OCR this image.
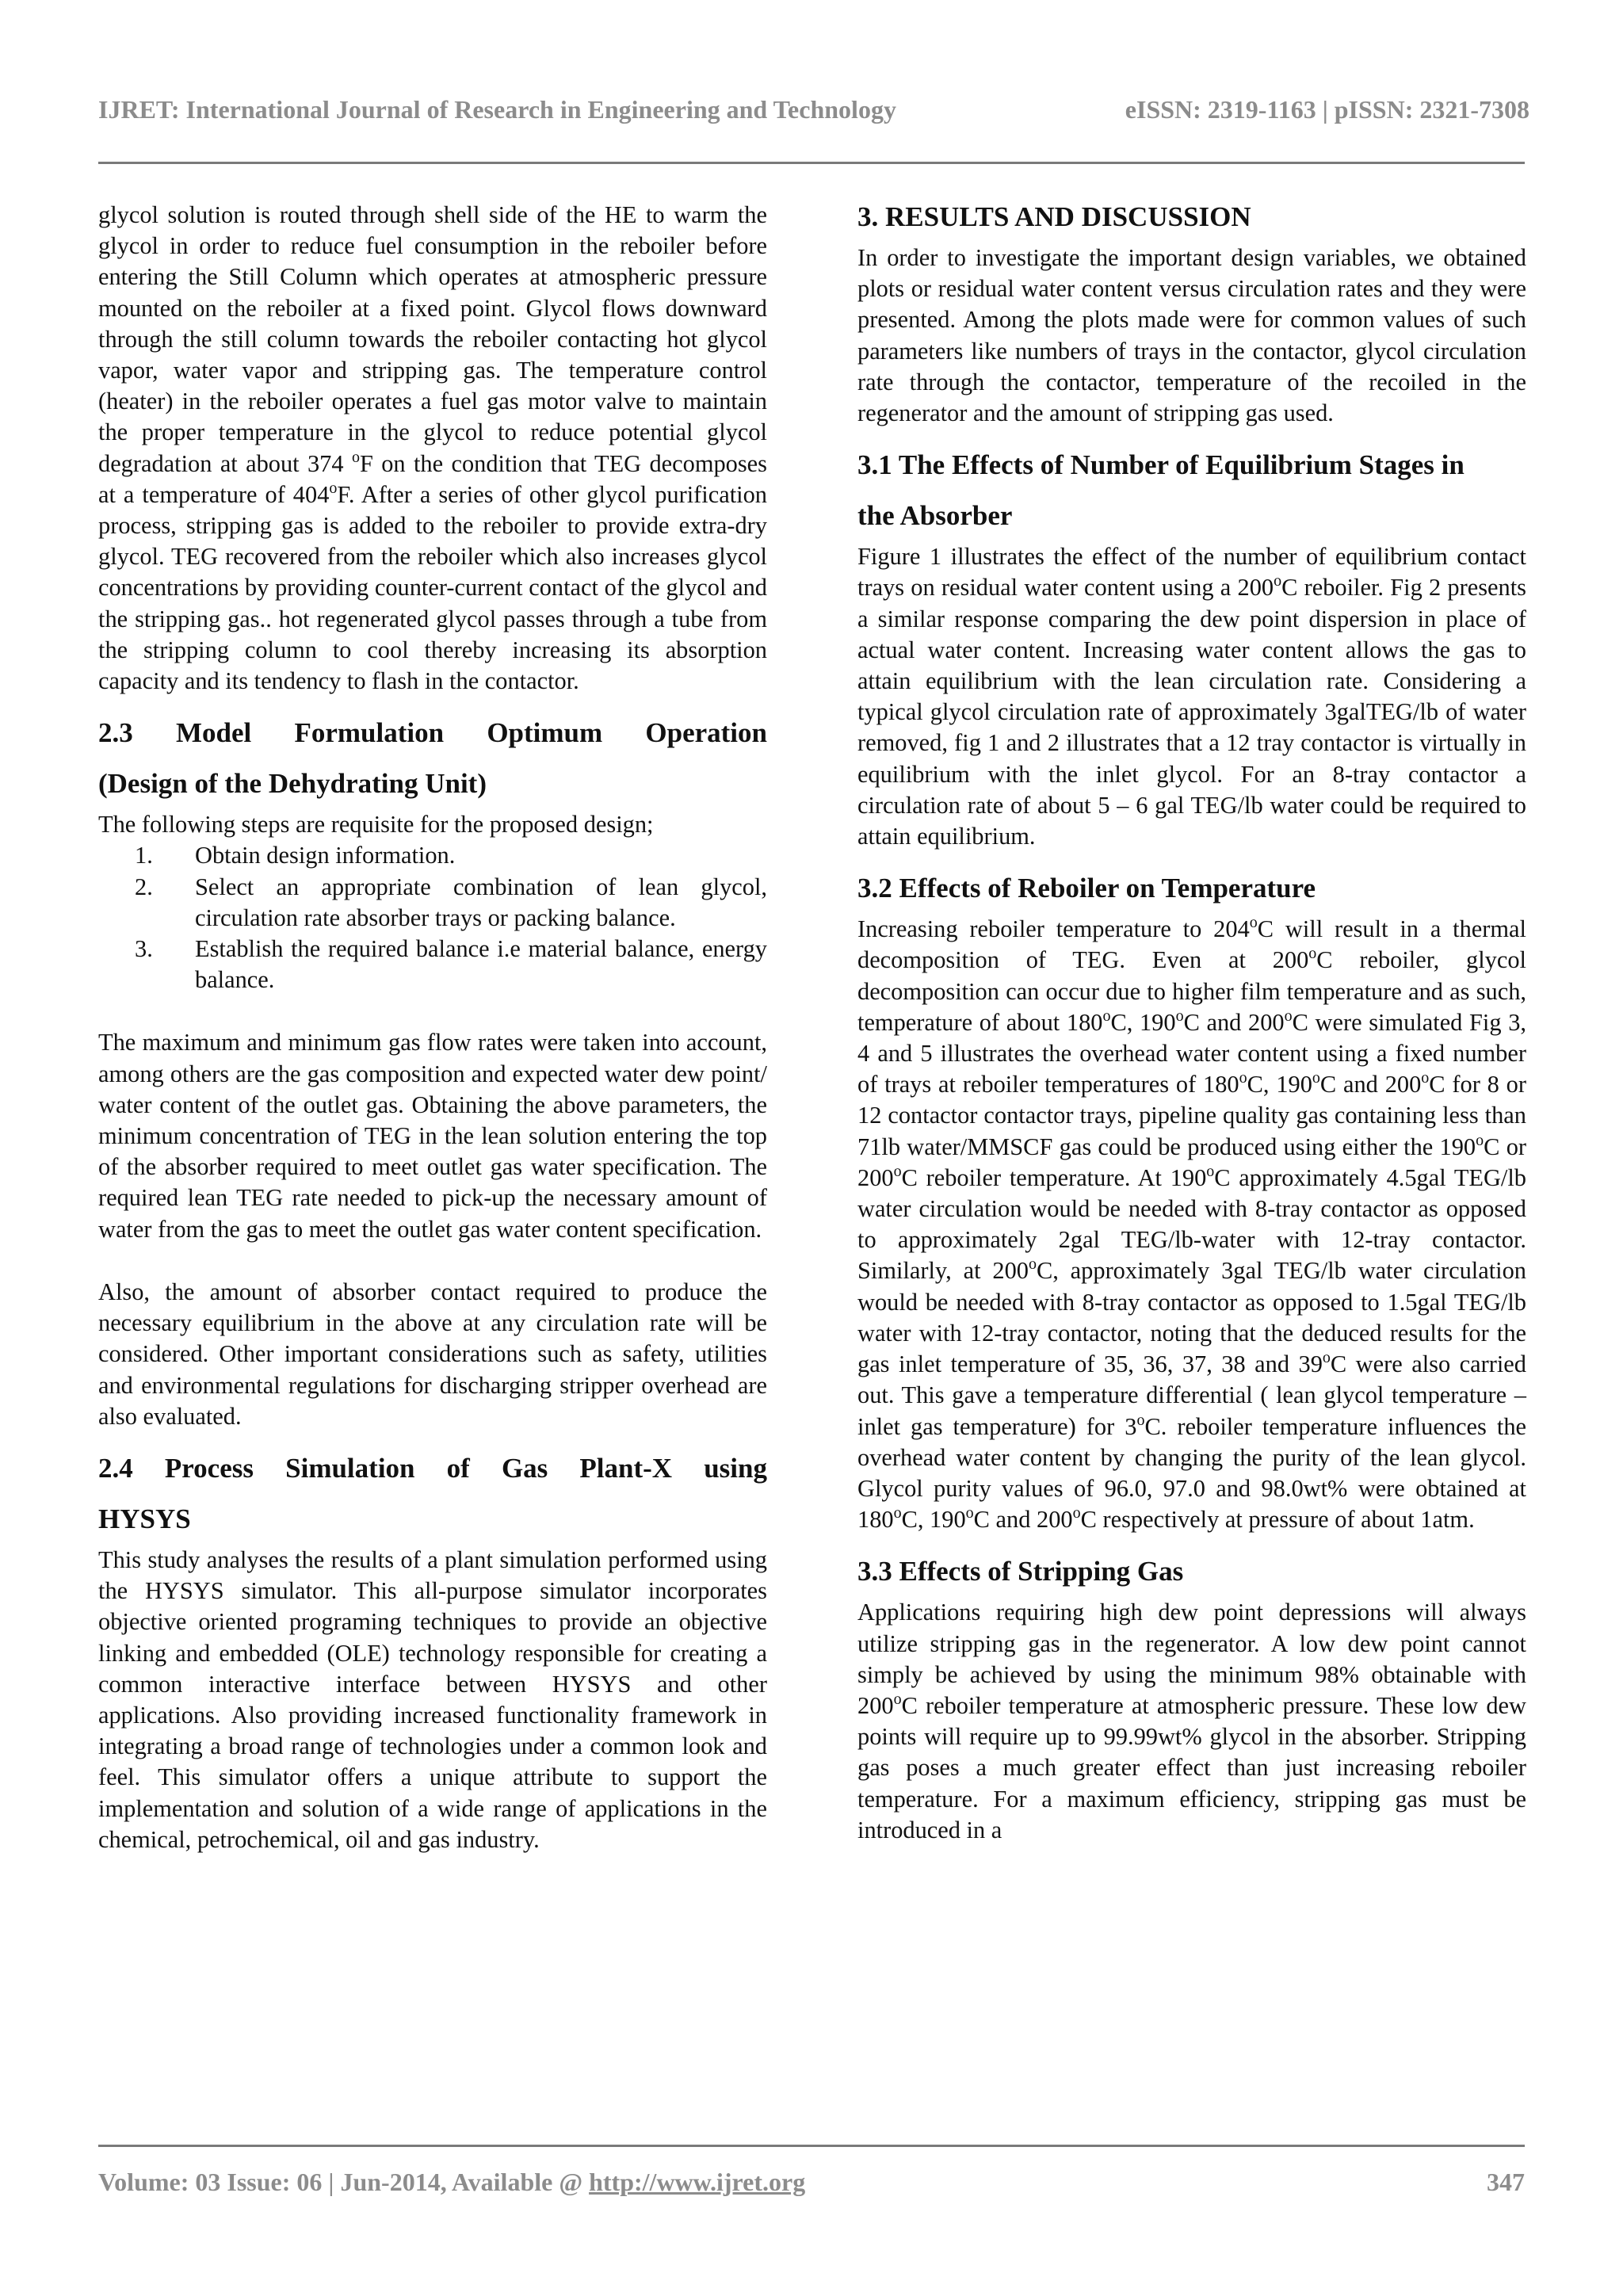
IJRET: International Journal of Research in Engineering and Technology	eISSN: 2319-1163 | pISSN: 2321-7308

glycol solution is routed through shell side of the HE to warm the glycol in order to reduce fuel consumption in the reboiler before entering the Still Column which operates at atmospheric pressure mounted on the reboiler at a fixed point. Glycol flows downward through the still column towards the reboiler contacting hot glycol vapor, water vapor and stripping gas. The temperature control (heater) in the reboiler operates a fuel gas motor valve to maintain the proper temperature in the glycol to reduce potential glycol degradation at about 374 $^o$F on the condition that TEG decomposes at a temperature of 404$^o$F. After a series of other glycol purification process, stripping gas is added to the reboiler to provide extra-dry glycol. TEG recovered from the reboiler which also increases glycol concentrations by providing counter-current contact of the glycol and the stripping gas.. hot regenerated glycol passes through a tube from the stripping column to cool thereby increasing its absorption capacity and its tendency to flash in the contactor.

2.3 Model Formulation Optimum Operation
(Design of the Dehydrating Unit)

The following steps are requisite for the proposed design;

1. Obtain design information.
2. Select an appropriate combination of lean glycol, circulation rate absorber trays or packing balance.
3. Establish the required balance i.e material balance, energy balance.

The maximum and minimum gas flow rates were taken into account, among others are the gas composition and expected water dew point/ water content of the outlet gas. Obtaining the above parameters, the minimum concentration of TEG in the lean solution entering the top of the absorber required to meet outlet gas water specification. The required lean TEG rate needed to pick-up the necessary amount of water from the gas to meet the outlet gas water content specification.

Also, the amount of absorber contact required to produce the necessary equilibrium in the above at any circulation rate will be considered. Other important considerations such as safety, utilities and environmental regulations for discharging stripper overhead are also evaluated.

2.4 Process Simulation of Gas Plant-X using
HYSYS

This study analyses the results of a plant simulation performed using the HYSYS simulator. This all-purpose simulator incorporates objective oriented programing techniques to provide an objective linking and embedded (OLE) technology responsible for creating a common interactive interface between HYSYS and other applications. Also providing increased functionality framework in integrating a broad range of technologies under a common look and feel. This simulator offers a unique attribute to support the implementation and solution of a wide range of applications in the chemical, petrochemical, oil and gas industry.

3. RESULTS AND DISCUSSION

In order to investigate the important design variables, we obtained plots or residual water content versus circulation rates and they were presented. Among the plots made were for common values of such parameters like numbers of trays in the contactor, glycol circulation rate through the contactor, temperature of the recoiled in the regenerator and the amount of stripping gas used.

3.1 The Effects of Number of Equilibrium Stages in
the Absorber

Figure 1 illustrates the effect of the number of equilibrium contact trays on residual water content using a 200$^o$C reboiler. Fig 2 presents a similar response comparing the dew point dispersion in place of actual water content. Increasing water content allows the gas to attain equilibrium with the lean circulation rate. Considering a typical glycol circulation rate of approximately 3galTEG/lb of water removed, fig 1 and 2 illustrates that a 12 tray contactor is virtually in equilibrium with the inlet glycol. For an 8-tray contactor a circulation rate of about 5 – 6 gal TEG/lb water could be required to attain equilibrium.

3.2 Effects of Reboiler on Temperature

Increasing reboiler temperature to 204$^o$C will result in a thermal decomposition of TEG. Even at 200$^o$C reboiler, glycol decomposition can occur due to higher film temperature and as such, temperature of about 180$^o$C, 190$^o$C and 200$^o$C were simulated Fig 3, 4 and 5 illustrates the overhead water content using a fixed number of trays at reboiler temperatures of 180$^o$C, 190$^o$C and 200$^o$C for 8 or 12 contactor contactor trays, pipeline quality gas containing less than 71lb water/MMSCF gas could be produced using either the 190$^o$C or 200$^o$C reboiler temperature. At 190$^o$C approximately 4.5gal TEG/lb water circulation would be needed with 8-tray contactor as opposed to approximately 2gal TEG/lb-water with 12-tray contactor. Similarly, at 200$^o$C, approximately 3gal TEG/lb water circulation would be needed with 8-tray contactor as opposed to 1.5gal TEG/lb water with 12-tray contactor, noting that the deduced results for the gas inlet temperature of 35, 36, 37, 38 and 39$^o$C were also carried out. This gave a temperature differential ( lean glycol temperature – inlet gas temperature) for 3$^o$C. reboiler temperature influences the overhead water content by changing the purity of the lean glycol. Glycol purity values of 96.0, 97.0 and 98.0wt% were obtained at 180$^o$C, 190$^o$C and 200$^o$C respectively at pressure of about 1atm.

3.3 Effects of Stripping Gas

Applications requiring high dew point depressions will always utilize stripping gas in the regenerator. A low dew point cannot simply be achieved by using the minimum 98% obtainable with 200$^o$C reboiler temperature at atmospheric pressure. These low dew points will require up to 99.99wt% glycol in the absorber. Stripping gas poses a much greater effect than just increasing reboiler temperature. For a maximum efficiency, stripping gas must be introduced in a

Volume: 03 Issue: 06 | Jun-2014, Available @ http://www.ijret.org	347
